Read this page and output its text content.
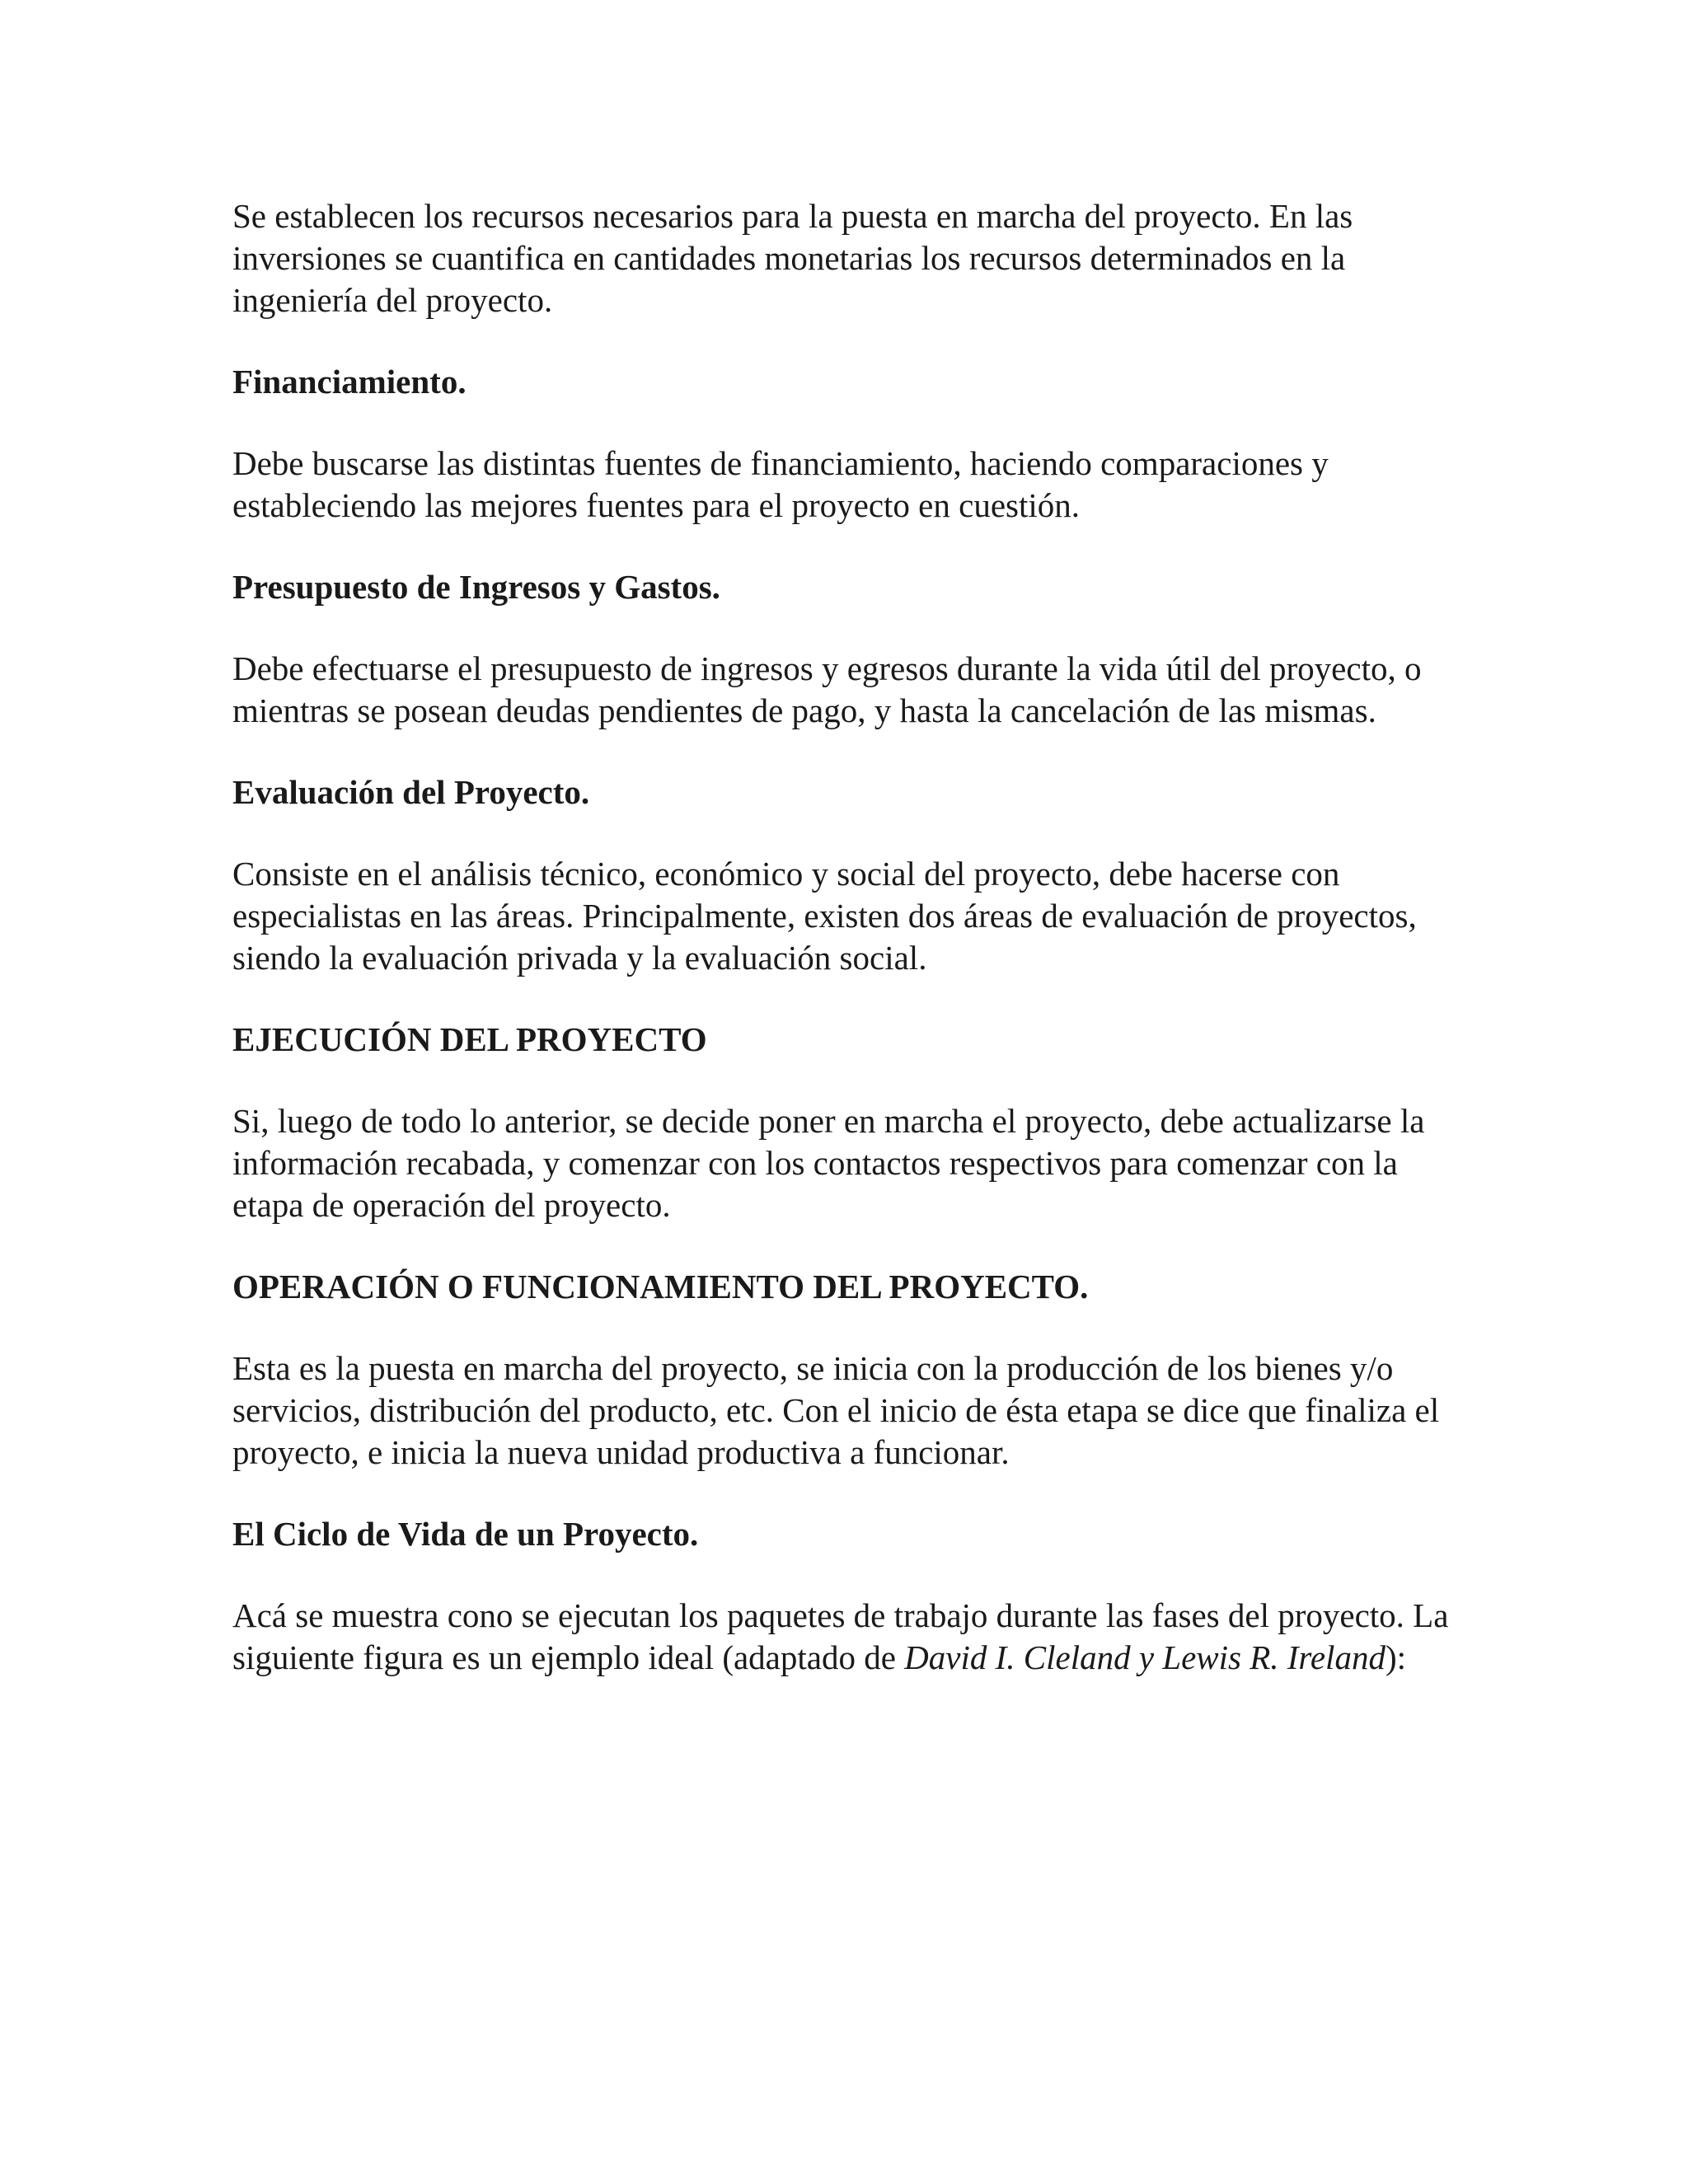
Se establecen los recursos necesarios para la puesta en marcha del proyecto. En las inversiones se cuantifica en cantidades monetarias los recursos determinados en la ingeniería del proyecto.

Financiamiento.

Debe buscarse las distintas fuentes de financiamiento, haciendo comparaciones y estableciendo las mejores fuentes para el proyecto en cuestión.

Presupuesto de Ingresos y Gastos.

Debe efectuarse el presupuesto de ingresos y egresos durante la vida útil del proyecto, o mientras se posean deudas pendientes de pago, y hasta la cancelación de las mismas.

Evaluación del Proyecto.

Consiste en el análisis técnico, económico y social del proyecto, debe hacerse con especialistas en las áreas. Principalmente, existen dos áreas de evaluación de proyectos, siendo la evaluación privada y la evaluación social.

EJECUCIÓN DEL PROYECTO

Si, luego de todo lo anterior, se decide poner en marcha el proyecto, debe actualizarse la información recabada, y comenzar con los contactos respectivos para comenzar con la etapa de operación del proyecto.

OPERACIÓN O FUNCIONAMIENTO DEL PROYECTO.

Esta es la puesta en marcha del proyecto, se inicia con la producción de los bienes y/o servicios, distribución del producto, etc. Con el inicio de ésta etapa se dice que finaliza el proyecto, e inicia la nueva unidad productiva a funcionar.

El Ciclo de Vida de un Proyecto.

Acá se muestra cono se ejecutan los paquetes de trabajo durante las fases del proyecto. La siguiente figura es un ejemplo ideal (adaptado de David I. Cleland y Lewis R. Ireland):
